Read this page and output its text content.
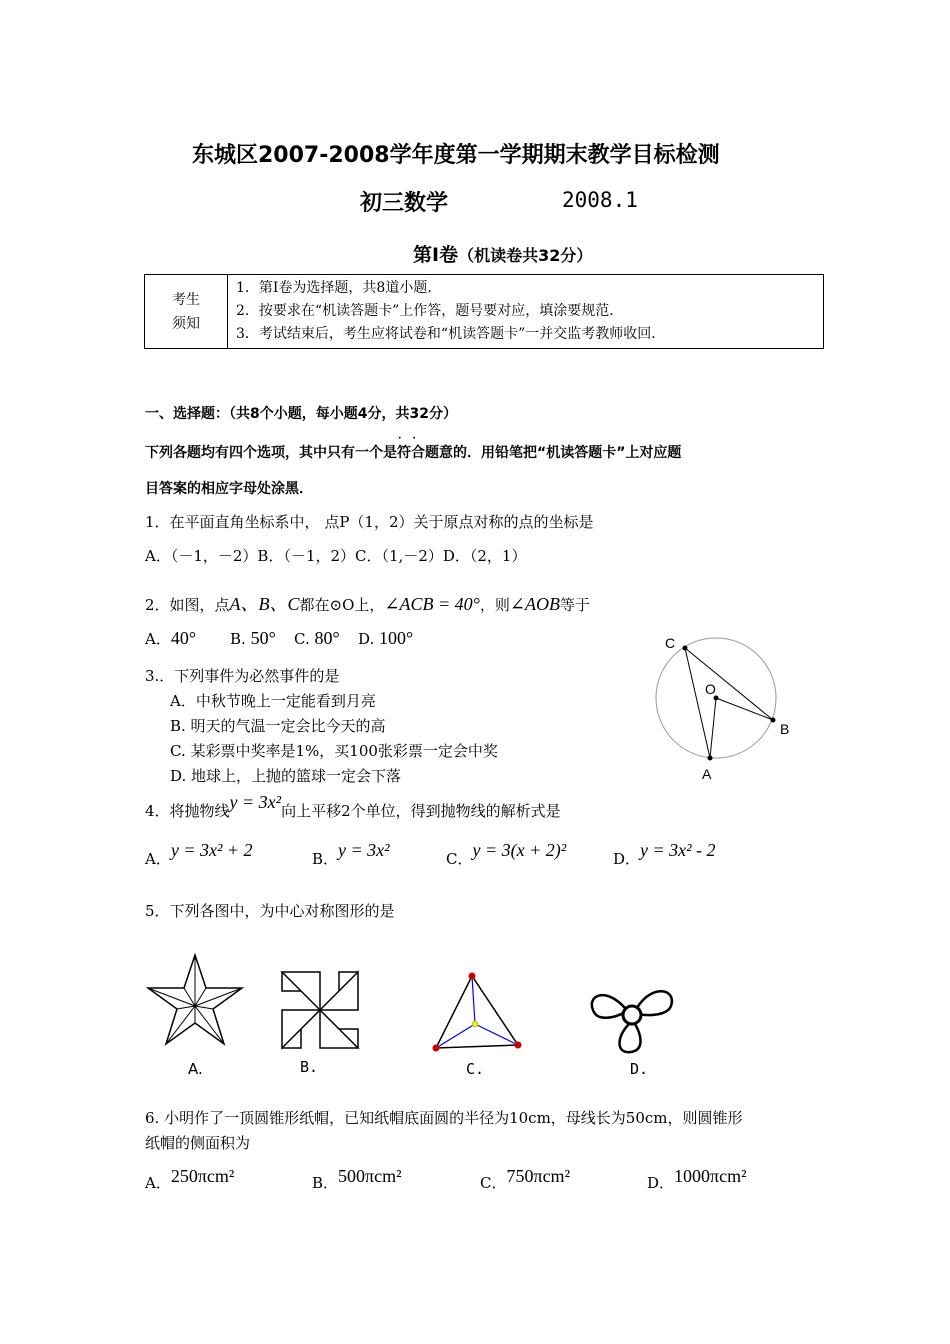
东城区2007-2008学年度第一学期期末教学目标检测
初三数学	2008.1
第Ⅰ卷（机读卷共32分）
考生
须知

1．第Ⅰ卷为选择题，共8道小题．
2．按要求在“机读答题卡”上作答，题号要对应，填涂要规范．
3．考试结束后，考生应将试卷和“机读答题卡”一并交监考教师收回．
一、选择题：（共8个小题，每小题4分，共32分）
．．
下列各题均有四个选项，其中只有一个是符合题意的．用铅笔把“机读答题卡”上对应题
目答案的相应字母处涂黑．
1．在平面直角坐标系中， 点P（1，2）关于原点对称的点的坐标是
A．（－1，－2）B．（－1，2）C．（1,－2）D．（2，1）
2．如图，点A、B、C都在⊙O上，∠ACB = 40°，则∠AOB等于
A．40° B. 50° C. 80° D. 100°	C
O
B
A
3.．下列事件为必然事件的是
A．中秋节晚上一定能看到月亮
B. 明天的气温一定会比今天的高
C. 某彩票中奖率是1%，买100张彩票一定会中奖
D. 地球上，上抛的篮球一定会下落
4．将抛物线y = 3x²向上平移2个单位，得到抛物线的解析式是
A．y = 3x² + 2	B．y = 3x²	C．y = 3(x + 2)²	D．y = 3x² - 2
5．下列各图中，为中心对称图形的是
A.	B.	C.	D.
6. 小明作了一顶圆锥形纸帽，已知纸帽底面圆的半径为10cm，母线长为50cm，则圆锥形
纸帽的侧面积为
A．250πcm²	B．500πcm²	C．750πcm²	D．1000πcm²
